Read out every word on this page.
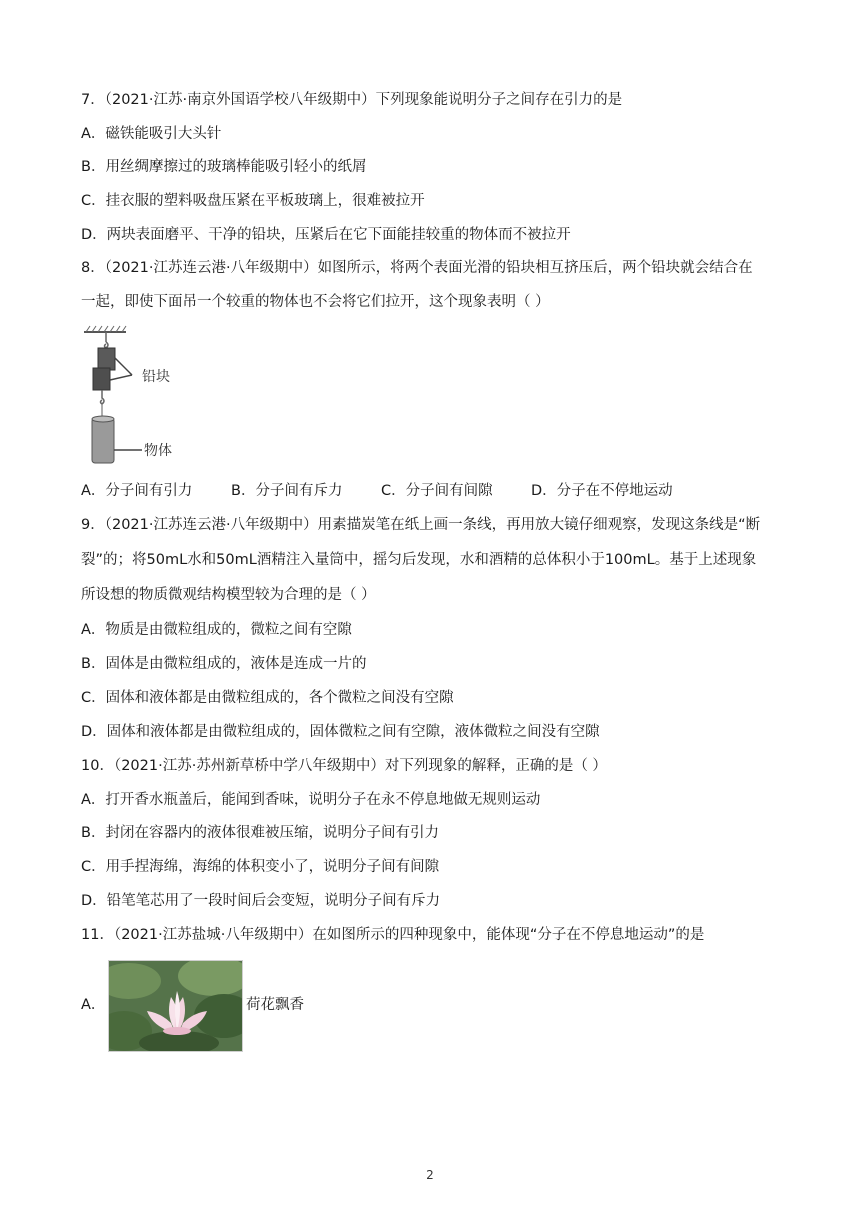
7．（2021·江苏·南京外国语学校八年级期中）下列现象能说明分子之间存在引力的是
A．磁铁能吸引大头针
B．用丝绸摩擦过的玻璃棒能吸引轻小的纸屑
C．挂衣服的塑料吸盘压紧在平板玻璃上，很难被拉开
D．两块表面磨平、干净的铅块，压紧后在它下面能挂较重的物体而不被拉开
8．（2021·江苏连云港·八年级期中）如图所示，将两个表面光滑的铅块相互挤压后，两个铅块就会结合在
一起，即使下面吊一个较重的物体也不会将它们拉开，这个现象表明（ ）
铅块
物体
A．分子间有引力	B．分子间有斥力	C．分子间有间隙	D．分子在不停地运动
9．（2021·江苏连云港·八年级期中）用素描炭笔在纸上画一条线，再用放大镜仔细观察，发现这条线是“断
裂”的；将50mL水和50mL酒精注入量筒中，摇匀后发现，水和酒精的总体积小于100mL。基于上述现象
所设想的物质微观结构模型较为合理的是（ ）
A．物质是由微粒组成的，微粒之间有空隙
B．固体是由微粒组成的，液体是连成一片的
C．固体和液体都是由微粒组成的，各个微粒之间没有空隙
D．固体和液体都是由微粒组成的，固体微粒之间有空隙，液体微粒之间没有空隙
10．（2021·江苏·苏州新草桥中学八年级期中）对下列现象的解释，正确的是（ ）
A．打开香水瓶盖后，能闻到香味，说明分子在永不停息地做无规则运动
B．封闭在容器内的液体很难被压缩，说明分子间有引力
C．用手捏海绵，海绵的体积变小了，说明分子间有间隙
D．铅笔笔芯用了一段时间后会变短，说明分子间有斥力
11．（2021·江苏盐城·八年级期中）在如图所示的四种现象中，能体现“分子在不停息地运动”的是
A．	荷花飘香
2
